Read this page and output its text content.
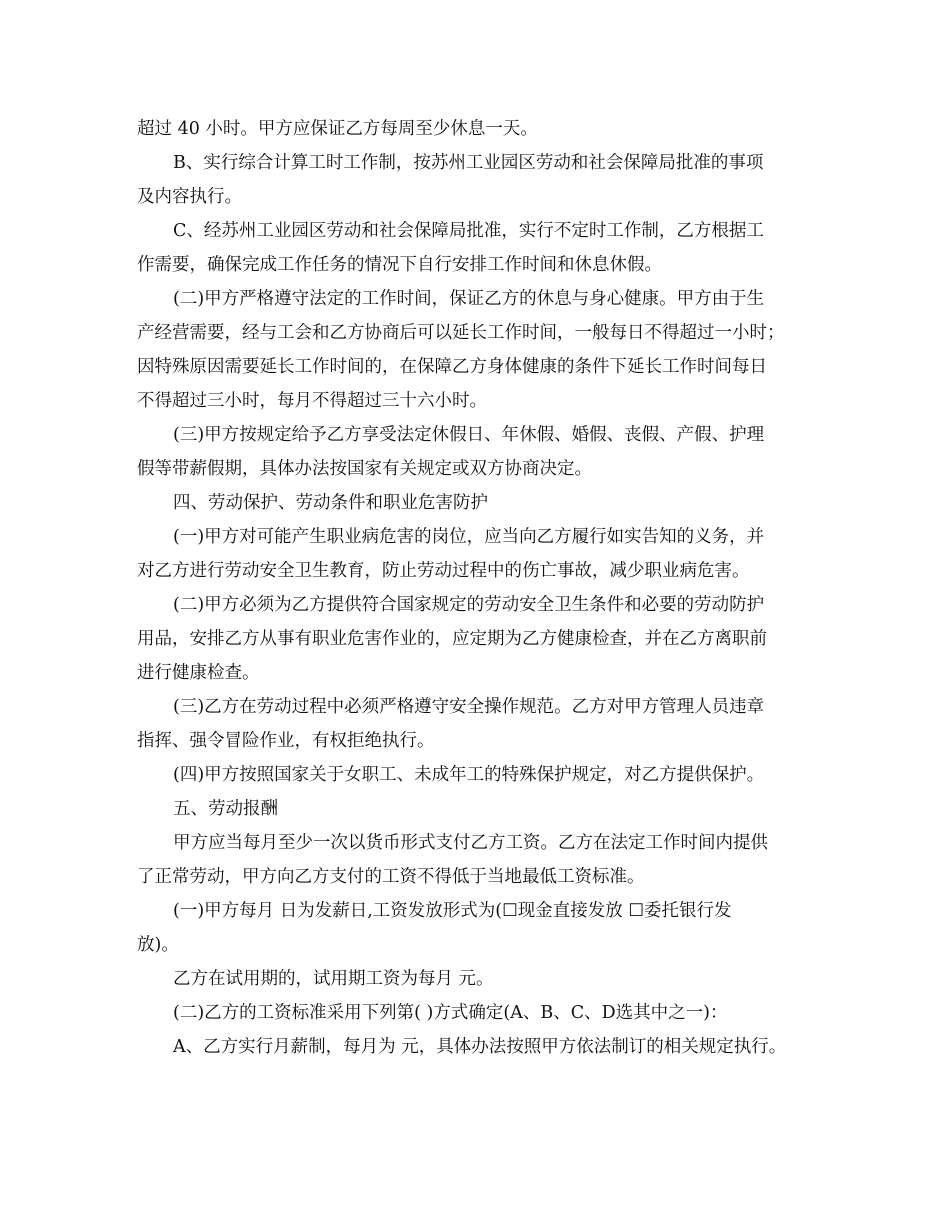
超过 40 小时。甲方应保证乙方每周至少休息一天。
B、实行综合计算工时工作制，按苏州工业园区劳动和社会保障局批准的事项
及内容执行。
C、经苏州工业园区劳动和社会保障局批准，实行不定时工作制，乙方根据工
作需要，确保完成工作任务的情况下自行安排工作时间和休息休假。
(二)甲方严格遵守法定的工作时间，保证乙方的休息与身心健康。甲方由于生
产经营需要，经与工会和乙方协商后可以延长工作时间，一般每日不得超过一小时；
因特殊原因需要延长工作时间的，在保障乙方身体健康的条件下延长工作时间每日
不得超过三小时，每月不得超过三十六小时。
(三)甲方按规定给予乙方享受法定休假日、年休假、婚假、丧假、产假、护理
假等带薪假期，具体办法按国家有关规定或双方协商决定。
四、劳动保护、劳动条件和职业危害防护
(一)甲方对可能产生职业病危害的岗位，应当向乙方履行如实告知的义务，并
对乙方进行劳动安全卫生教育，防止劳动过程中的伤亡事故，减少职业病危害。
(二)甲方必须为乙方提供符合国家规定的劳动安全卫生条件和必要的劳动防护
用品，安排乙方从事有职业危害作业的，应定期为乙方健康检查，并在乙方离职前
进行健康检查。
(三)乙方在劳动过程中必须严格遵守安全操作规范。乙方对甲方管理人员违章
指挥、强令冒险作业，有权拒绝执行。
(四)甲方按照国家关于女职工、未成年工的特殊保护规定，对乙方提供保护。
五、劳动报酬
甲方应当每月至少一次以货币形式支付乙方工资。乙方在法定工作时间内提供
了正常劳动，甲方向乙方支付的工资不得低于当地最低工资标准。
(一)甲方每月 日为发薪日,工资发放形式为(☐现金直接发放 ☐委托银行发
放)。
乙方在试用期的，试用期工资为每月 元。
(二)乙方的工资标准采用下列第( )方式确定(A、B、C、D选其中之一)：
A、乙方实行月薪制，每月为 元，具体办法按照甲方依法制订的相关规定执行。
